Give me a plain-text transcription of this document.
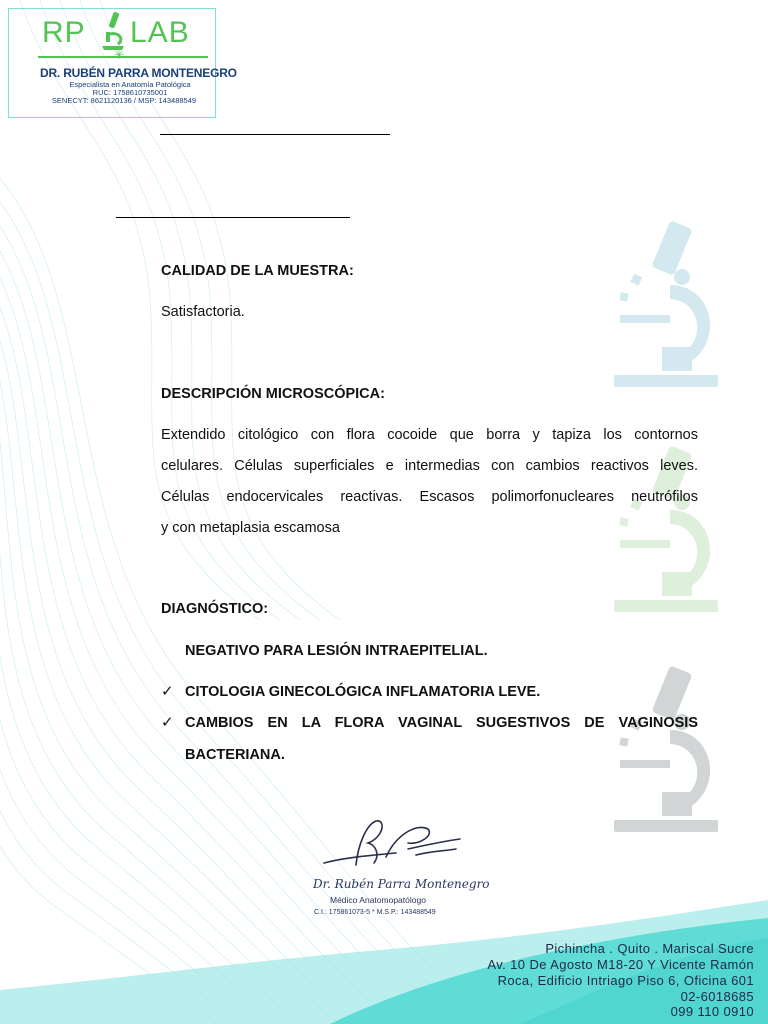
RP LAB
✳
DR. RUBÉN PARRA MONTENEGRO
Especialista en Anatomía Patológica
RUC: 1758610735001
SENECYT: 8621120136 / MSP: 143488549
CALIDAD DE LA MUESTRA:
Satisfactoria.
DESCRIPCIÓN MICROSCÓPICA:
Extendido citológico con flora cocoide que borra y tapiza los contornos
celulares. Células superficiales e intermedias con cambios reactivos leves.
Células endocervicales reactivas. Escasos polimorfonucleares neutrófilos
y con metaplasia escamosa
DIAGNÓSTICO:
NEGATIVO PARA LESIÓN INTRAEPITELIAL.
✓ CITOLOGIA GINECOLÓGICA INFLAMATORIA LEVE.
✓ CAMBIOS EN LA FLORA VAGINAL SUGESTIVOS DE VAGINOSIS
BACTERIANA.
Dr. Rubén Parra Montenegro
Médico Anatomopatólogo
C.I.: 175861073-5 * M.S.P.: 143488549
Pichincha . Quito . Mariscal Sucre
Av. 10 De Agosto M18-20 Y Vicente Ramón
Roca, Edificio Intriago Piso 6, Oficina 601
02-6018685
099 110 0910
